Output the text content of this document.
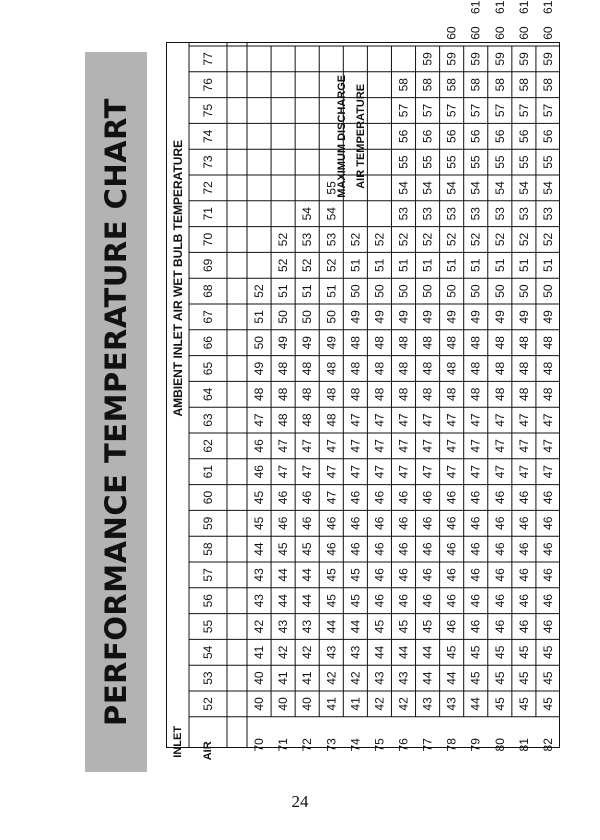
PERFORMANCE TEMPERATURE CHART
INLET AIR
AMBIENT INLET AIR WET BULB TEMPERATURE
52
53
54
55
56
57
58
59
60
61
62
63
64
65
66
67
68
69
70
71
72
73
74
75
76
77
70
40
40
41
42
43
43
44
45
45
46
46
47
48
49
50
51
52
71
40
41
42
43
44
44
45
46
46
47
47
48
48
48
49
50
51
52
52
72
40
41
42
43
44
44
45
46
46
47
47
48
48
48
49
50
51
52
53
54
73
41
42
43
44
45
45
46
46
47
47
47
48
48
48
49
50
51
52
53
54
55
74
41
42
43
44
45
45
46
46
46
47
47
47
48
48
48
49
50
51
52
75
42
43
44
45
46
46
46
46
46
47
47
47
48
48
48
49
50
51
52
76
42
43
44
45
46
46
46
46
46
47
47
47
48
48
48
49
50
51
52
53
54
55
56
57
58
77
43
44
44
45
46
46
46
46
46
47
47
47
48
48
48
49
50
51
52
53
54
55
56
57
58
59
78
43
44
45
46
46
46
46
46
46
47
47
47
48
48
48
49
50
51
52
53
54
55
56
57
58
59
60
79
44
45
45
46
46
46
46
46
46
47
47
47
48
48
48
49
50
51
52
53
54
55
56
57
58
59
60
61
80
45
45
45
46
46
46
46
46
46
47
47
47
48
48
48
49
50
51
52
53
54
55
56
57
58
59
60
61
81
45
45
45
46
46
46
46
46
46
47
47
47
48
48
48
49
50
51
52
53
54
55
56
57
58
59
60
61
82
45
45
45
46
46
46
46
46
46
47
47
47
48
48
48
49
50
51
52
53
54
55
56
57
58
59
60
61
MAXIMUM DISCHARGE AIR TEMPERATURE
24
